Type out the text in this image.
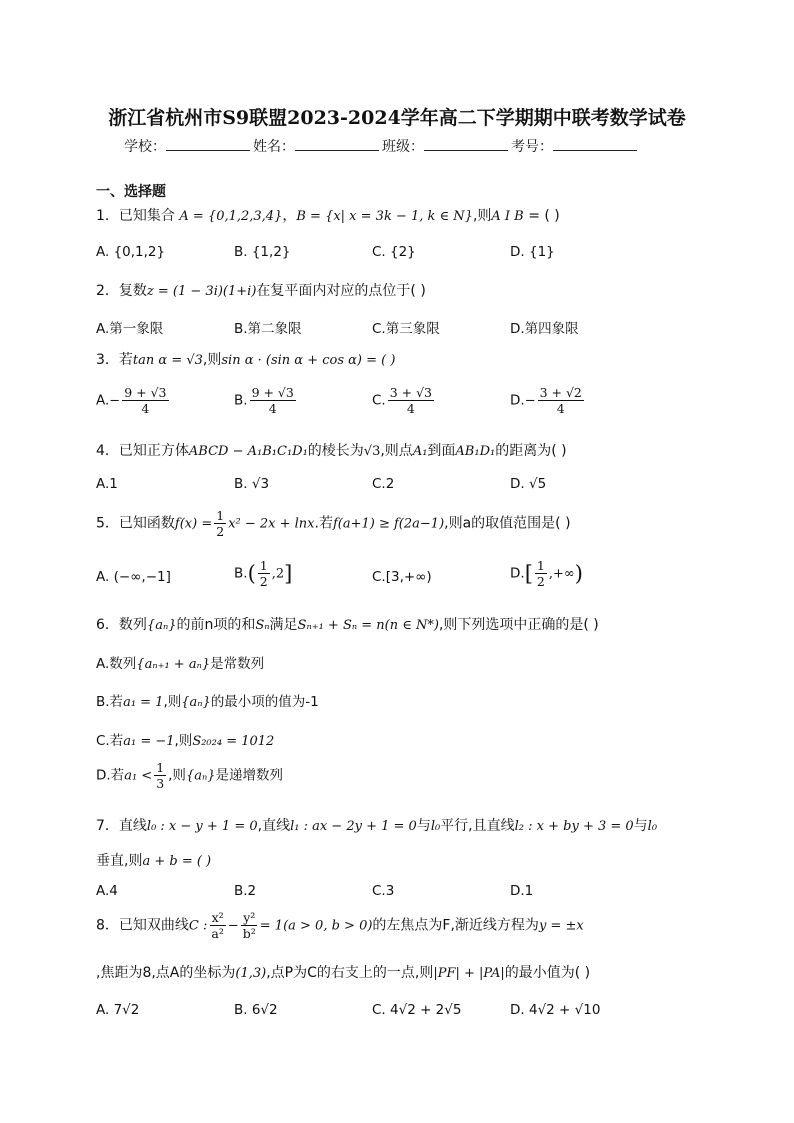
浙江省杭州市S9联盟2023-2024学年高二下学期期中联考数学试卷
学校：	姓名：	班级：	考号：
一、选择题
1．已知集合 A = {0,1,2,3,4}，B = {x| x = 3k − 1, k ∈ N},则A I B = ( )
A. {0,1,2}	B. {1,2}	C. {2}	D. {1}
2．复数z = (1 − 3i)(1+i)在复平面内对应的点位于( )
A.第一象限	B.第二象限	C.第三象限	D.第四象限
3．若tan α = √3,则sin α · (sin α + cos α) = ( )
$A.- \frac{9 + √3}{4}$	B. $\frac{9 + √3}{4}$	C. $\frac{3 + √3}{4}$	$D.- \frac{3 + √2}{4}$
4．已知正方体ABCD − A₁B₁C₁D₁的棱长为√3,则点A₁到面AB₁D₁的距离为( )
A.1	B. √3	C.2	D. √5
5．已知函数$f(x) = \frac{1}{2} x^2 - 2x + \ln x$.若f(a+1) ≥ f(2a−1),则a的取值范围是( )
A. (−∞,−1]	$B.( \frac{1}{2} ,2]$	C.[3,+∞)	$D.[ \frac{1}{2}$ ,+∞)
6．数列{aₙ}的前n项的和Sₙ满足Sₙ₊₁ + Sₙ = n(n ∈ N*),则下列选项中正确的是( )
A.数列{aₙ₊₁ + aₙ}是常数列
B.若a₁ = 1,则{aₙ}的最小项的值为-1
C.若a₁ = −1,则S₂₀₂₄ = 1012
D.若$a_1 < \frac{1}{3}$ ,则{aₙ}是递增数列
7．直线l₀ : x − y + 1 = 0,直线l₁ : ax − 2y + 1 = 0与l₀平行,且直线l₂ : x + by + 3 = 0与l₀
垂直,则a + b = ( )
A.4	B.2	C.3	D.1
8．已知双曲线C : $\frac{\text{x²}}{\text{a²}} - \frac{\text{y²}}{\text{b²}} = 1(a > 0$, b > 0)的左焦点为F,渐近线方程为y = ±x
,焦距为8,点A的坐标为(1,3),点P为C的右支上的一点,则|PF| + |PA|的最小值为( )
A. 7√2	B. 6√2	C. 4√2 + 2√5	D. 4√2 + √10
